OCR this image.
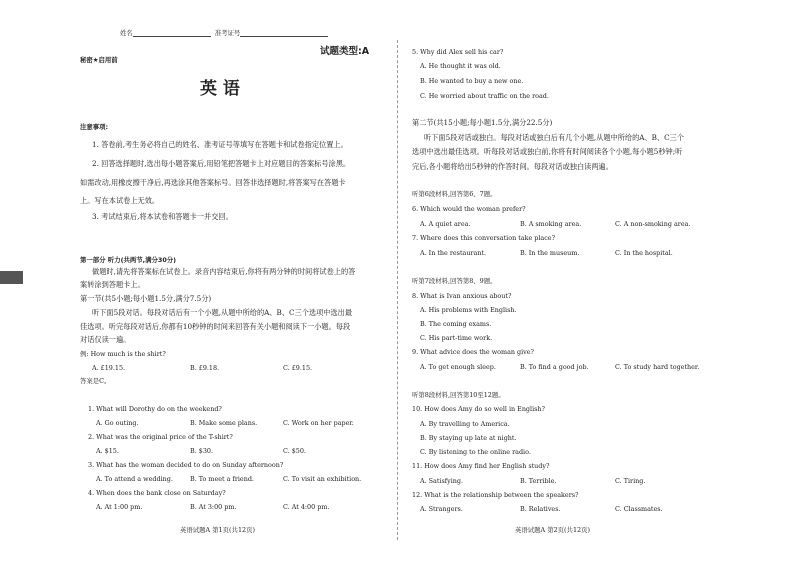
姓名	准考证号
试题类型:A
秘密★启用前
英 语
注意事项:
1. 答卷前,考生务必将自己的姓名、准考证号等填写在答题卡和试卷指定位置上。
2. 回答选择题时,选出每小题答案后,用铅笔把答题卡上对应题目的答案标号涂黑。
如需改动,用橡皮擦干净后,再选涂其他答案标号。回答非选择题时,将答案写在答题卡
上。写在本试卷上无效。
3. 考试结束后,将本试卷和答题卡一并交回。
第一部分 听力(共两节,满分30分)
做题时,请先将答案标在试卷上。录音内容结束后,你将有两分钟的时间将试卷上的答
案转涂到答题卡上。
第一节(共5小题;每小题1.5分,满分7.5分)
听下面5段对话。每段对话后有一个小题,从题中所给的A、B、C三个选项中选出最
佳选项。听完每段对话后,你都有10秒钟的时间来回答有关小题和阅读下一小题。每段
对话仅读一遍。
例: How much is the shirt?
A. £19.15.	B. £9.18.	C. £9.15.
答案是C。
1. What will Dorothy do on the weekend?
A. Go outing.	B. Make some plans.	C. Work on her paper.
2. What was the original price of the T-shirt?
A. $15.	B. $30.	C. $50.
3. What has the woman decided to do on Sunday afternoon?
A. To attend a wedding.	B. To meet a friend.	C. To visit an exhibition.
4. When does the bank close on Saturday?
A. At 1:00 pm.	B. At 3:00 pm.	C. At 4:00 pm.
英语试题A 第1页(共12页)
5. Why did Alex sell his car?
A. He thought it was old.
B. He wanted to buy a new one.
C. He worried about traffic on the road.
第二节(共15小题;每小题1.5分,满分22.5分)
听下面5段对话或独白。每段对话或独白后有几个小题,从题中所给的A、B、C三个
选项中选出最佳选项。听每段对话或独白前,你将有时间阅读各个小题,每小题5秒钟;听
完后,各小题将给出5秒钟的作答时间。每段对话或独白读两遍。
听第6段材料,回答第6、7题。
6. Which would the woman prefer?
A. A quiet area.	B. A smoking area.	C. A non-smoking area.
7. Where does this conversation take place?
A. In the restaurant.	B. In the museum.	C. In the hospital.
听第7段材料,回答第8、9题。
8. What is Ivan anxious about?
A. His problems with English.
B. The coming exams.
C. His part-time work.
9. What advice does the woman give?
A. To get enough sleep.	B. To find a good job.	C. To study hard together.
听第8段材料,回答第10至12题。
10. How does Amy do so well in English?
A. By travelling to America.
B. By staying up late at night.
C. By listening to the online radio.
11. How does Amy find her English study?
A. Satisfying.	B. Terrible.	C. Tiring.
12. What is the relationship between the speakers?
A. Strangers.	B. Relatives.	C. Classmates.
英语试题A 第2页(共12页)
